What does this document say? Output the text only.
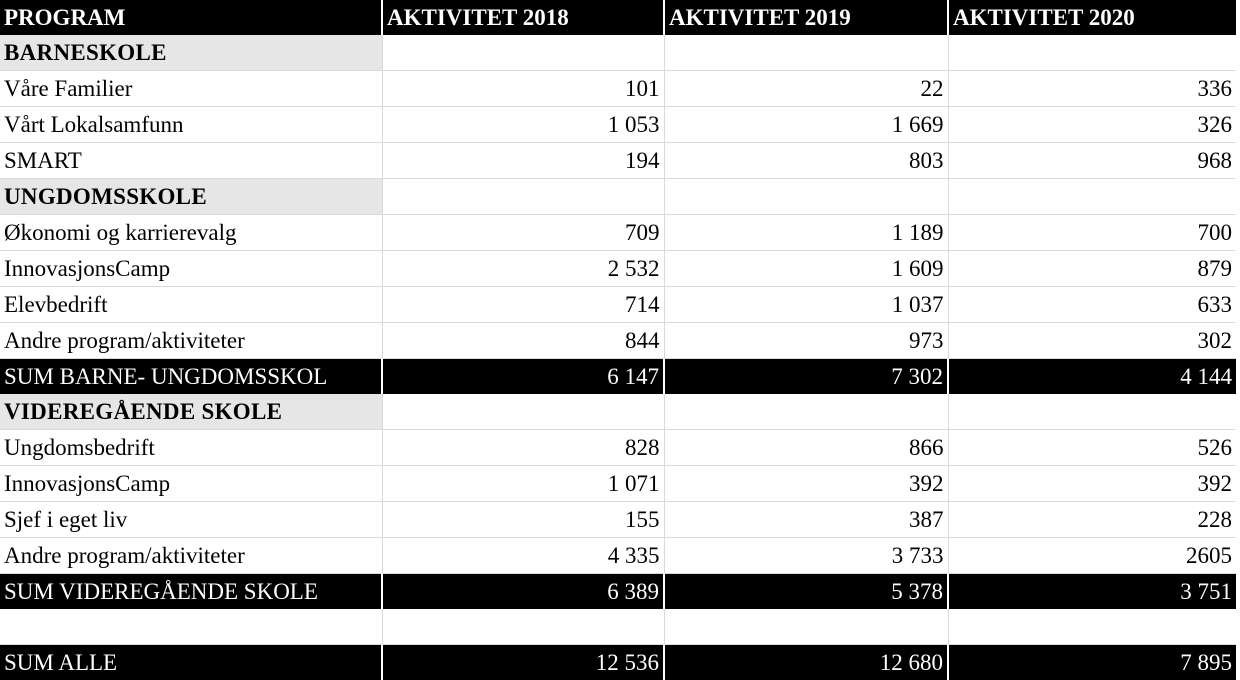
PROGRAM	AKTIVITET 2018	AKTIVITET 2019	AKTIVITET 2020
BARNESKOLE			
Våre Familier	101	22	336
Vårt Lokalsamfunn	1 053	1 669	326
SMART	194	803	968
UNGDOMSSKOLE			
Økonomi og karrierevalg	709	1 189	700
InnovasjonsCamp	2 532	1 609	879
Elevbedrift	714	1 037	633
Andre program/aktiviteter	844	973	302
SUM BARNE- UNGDOMSSKOL	6 147	7 302	4 144
VIDEREGÅENDE SKOLE			
Ungdomsbedrift	828	866	526
InnovasjonsCamp	1 071	392	392
Sjef i eget liv	155	387	228
Andre program/aktiviteter	4 335	3 733	2605
SUM VIDEREGÅENDE SKOLE	6 389	5 378	3 751

SUM ALLE	12 536	12 680	7 895
